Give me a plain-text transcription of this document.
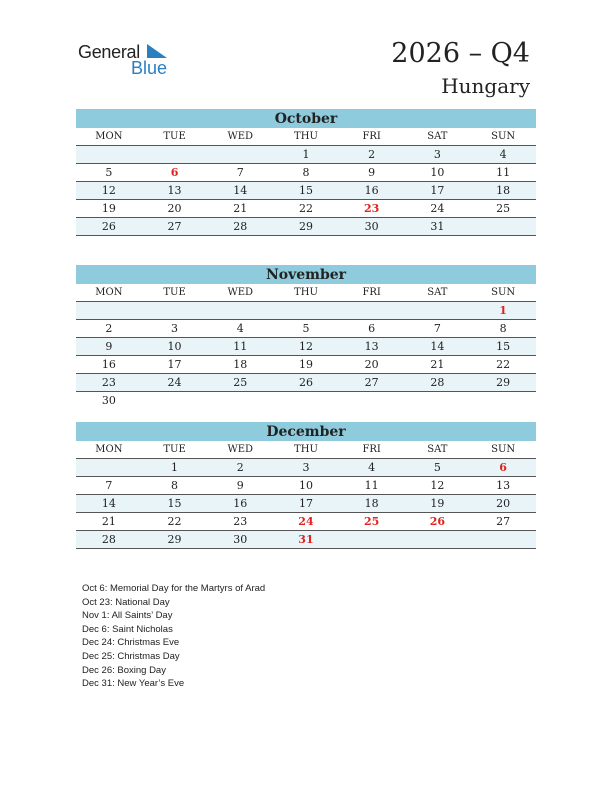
General
Blue	2026 – Q4
Hungary
October
MON	TUE	WED	THU	FRI	SAT	SUN
			1	2	3	4
5	6	7	8	9	10	11
12	13	14	15	16	17	18
19	20	21	22	23	24	25
26	27	28	29	30	31	
November
MON	TUE	WED	THU	FRI	SAT	SUN
						1
2	3	4	5	6	7	8
9	10	11	12	13	14	15
16	17	18	19	20	21	22
23	24	25	26	27	28	29
30						
December
MON	TUE	WED	THU	FRI	SAT	SUN
	1	2	3	4	5	6
7	8	9	10	11	12	13
14	15	16	17	18	19	20
21	22	23	24	25	26	27
28	29	30	31			
Oct 6: Memorial Day for the Martyrs of Arad
Oct 23: National Day
Nov 1: All Saints’ Day
Dec 6: Saint Nicholas
Dec 24: Christmas Eve
Dec 25: Christmas Day
Dec 26: Boxing Day
Dec 31: New Year’s Eve
